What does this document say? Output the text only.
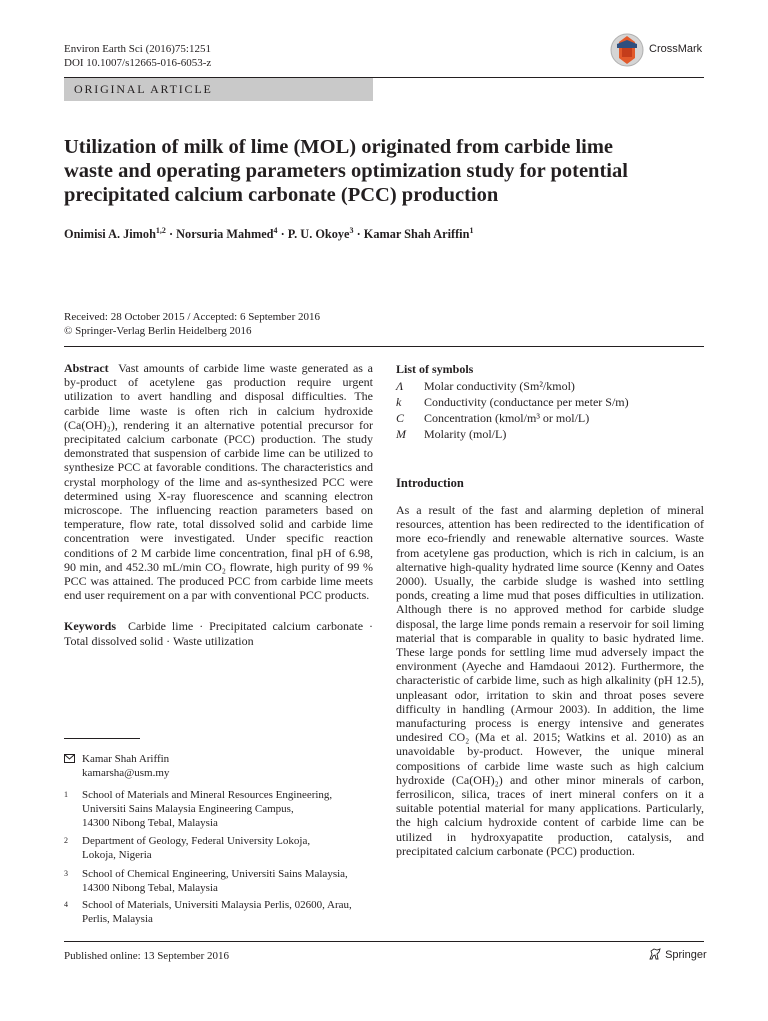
Environ Earth Sci (2016)75:1251
DOI 10.1007/s12665-016-6053-z
CrossMark
ORIGINAL ARTICLE
Utilization of milk of lime (MOL) originated from carbide lime
waste and operating parameters optimization study for potential
precipitated calcium carbonate (PCC) production
Onimisi A. Jimoh$^{1,2}$ · Norsuria Mahmed$^4$ · P. U. Okoye$^3$ · Kamar Shah Ariffin$^1$
Received: 28 October 2015 / Accepted: 6 September 2016
© Springer-Verlag Berlin Heidelberg 2016

Abstract Vast amounts of carbide lime waste generated as a by-product of acetylene gas production require urgent utilization to avert handling and disposal difficulties. The carbide lime waste is often rich in calcium hydroxide (Ca(OH)₂), rendering it an alternative potential precursor for precipitated calcium carbonate (PCC) production. The study demonstrated that suspension of carbide lime can be utilized to synthesize PCC at favorable conditions. The characteristics and crystal morphology of the lime and as-synthesized PCC were determined using X-ray fluorescence and scanning electron microscope. The influencing reaction parameters based on temperature, flow rate, total dissolved solid and carbide lime concentration were investigated. Under specific reaction conditions of 2 M carbide lime concentration, final pH of 6.98, 90 min, and 452.30 mL/min CO₂ flowrate, high purity of 99 % PCC was attained. The produced PCC from carbide lime meets end user requirement on a par with conventional PCC products.

Keywords Carbide lime · Precipitated calcium carbonate · Total dissolved solid · Waste utilization

Kamar Shah Ariffin
kamarsha@usm.my
1 School of Materials and Mineral Resources Engineering,
Universiti Sains Malaysia Engineering Campus,
14300 Nibong Tebal, Malaysia
2 Department of Geology, Federal University Lokoja,
Lokoja, Nigeria
3 School of Chemical Engineering, Universiti Sains Malaysia,
14300 Nibong Tebal, Malaysia
4 School of Materials, Universiti Malaysia Perlis, 02600, Arau,
Perlis, Malaysia
List of symbols
Λ Molar conductivity (Sm²/kmol)
k Conductivity (conductance per meter S/m)
C Concentration (kmol/m³ or mol/L)
M Molarity (mol/L)
Introduction

As a result of the fast and alarming depletion of mineral resources, attention has been redirected to the identification of more eco-friendly and renewable alternative sources. Waste from acetylene gas production, which is rich in calcium, is an alternative high-quality hydrated lime source (Kenny and Oates 2000). Usually, the carbide sludge is washed into settling ponds, creating a lime mud that poses difficulties in utilization. Although there is no approved method for carbide sludge disposal, the large lime ponds remain a reservoir for soil liming material that is comparable in quality to basic hydrated lime. These large ponds for settling lime mud adversely impact the environment (Ayeche and Hamdaoui 2012). Furthermore, the characteristic of carbide lime, such as high alkalinity (pH 12.5), unpleasant odor, irritation to skin and throat poses severe difficulty in handling (Armour 2003). In addition, the lime manufacturing process is energy intensive and generates undesired CO₂ (Ma et al. 2015; Watkins et al. 2010) as an unavoidable by-product. However, the unique mineral compositions of carbide lime waste such as high calcium hydroxide (Ca(OH)₂) and other minor minerals of carbon, ferrosilicon, silica, traces of inert mineral confers on it a suitable potential material for many applications. Particularly, the high calcium hydroxide content of carbide lime can be utilized in hydroxyapatite production, catalysis, and precipitated calcium carbonate (PCC) production.

Published online: 13 September 2016	Springer
